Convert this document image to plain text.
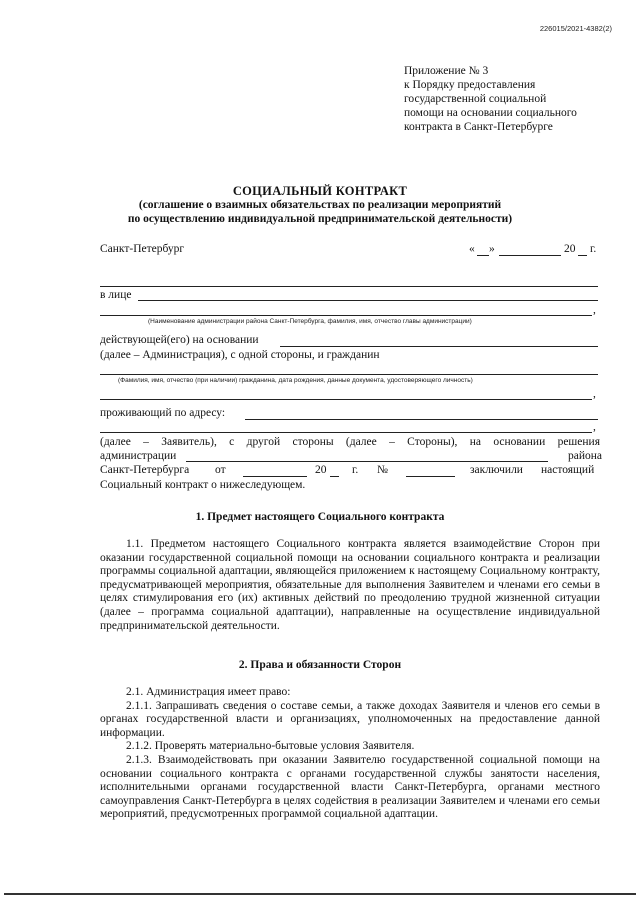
226015/2021-4382(2)
Приложение № 3
к Порядку предоставления
государственной социальной
помощи на основании социального
контракта в Санкт-Петербурге
СОЦИАЛЬНЫЙ КОНТРАКТ
(соглашение о взаимных обязательствах по реализации мероприятий
по осуществлению индивидуальной предпринимательской деятельности)
Санкт-Петербург	« »	20 г.
в лице
,
(Наименование администрации района Санкт-Петербурга, фамилия, имя, отчество главы администрации)
действующей(его) на основании
(далее – Администрация), с одной стороны, и гражданин
(Фамилия, имя, отчество (при наличии) гражданина, дата рождения, данные документа, удостоверяющего личность)
,
проживающий по адресу:
,
(далее – Заявитель), с другой стороны (далее – Стороны), на основании решения
администрации	района
Санкт-Петербурга от	20 г. №	заключили настоящий
Социальный контракт о нижеследующем.
1. Предмет настоящего Социального контракта

1.1. Предметом настоящего Социального контракта является взаимодействие Сторон при оказании государственной социальной помощи на основании социального контракта и реализации программы социальной адаптации, являющейся приложением к настоящему Социальному контракту, предусматривающей мероприятия, обязательные для выполнения Заявителем и членами его семьи в целях стимулирования его (их) активных действий по преодолению трудной жизненной ситуации (далее – программа социальной адаптации), направленные на осуществление индивидуальной предпринимательской деятельности.

2. Права и обязанности Сторон

2.1. Администрация имеет право:

2.1.1. Запрашивать сведения о составе семьи, а также доходах Заявителя и членов его семьи в органах государственной власти и организациях, уполномоченных на предоставление данной информации.

2.1.2. Проверять материально-бытовые условия Заявителя.

2.1.3. Взаимодействовать при оказании Заявителю государственной социальной помощи на основании социального контракта с органами государственной службы занятости населения, исполнительными органами государственной власти Санкт-Петербурга, органами местного самоуправления Санкт-Петербурга в целях содействия в реализации Заявителем и членами его семьи мероприятий, предусмотренных программой социальной адаптации.
